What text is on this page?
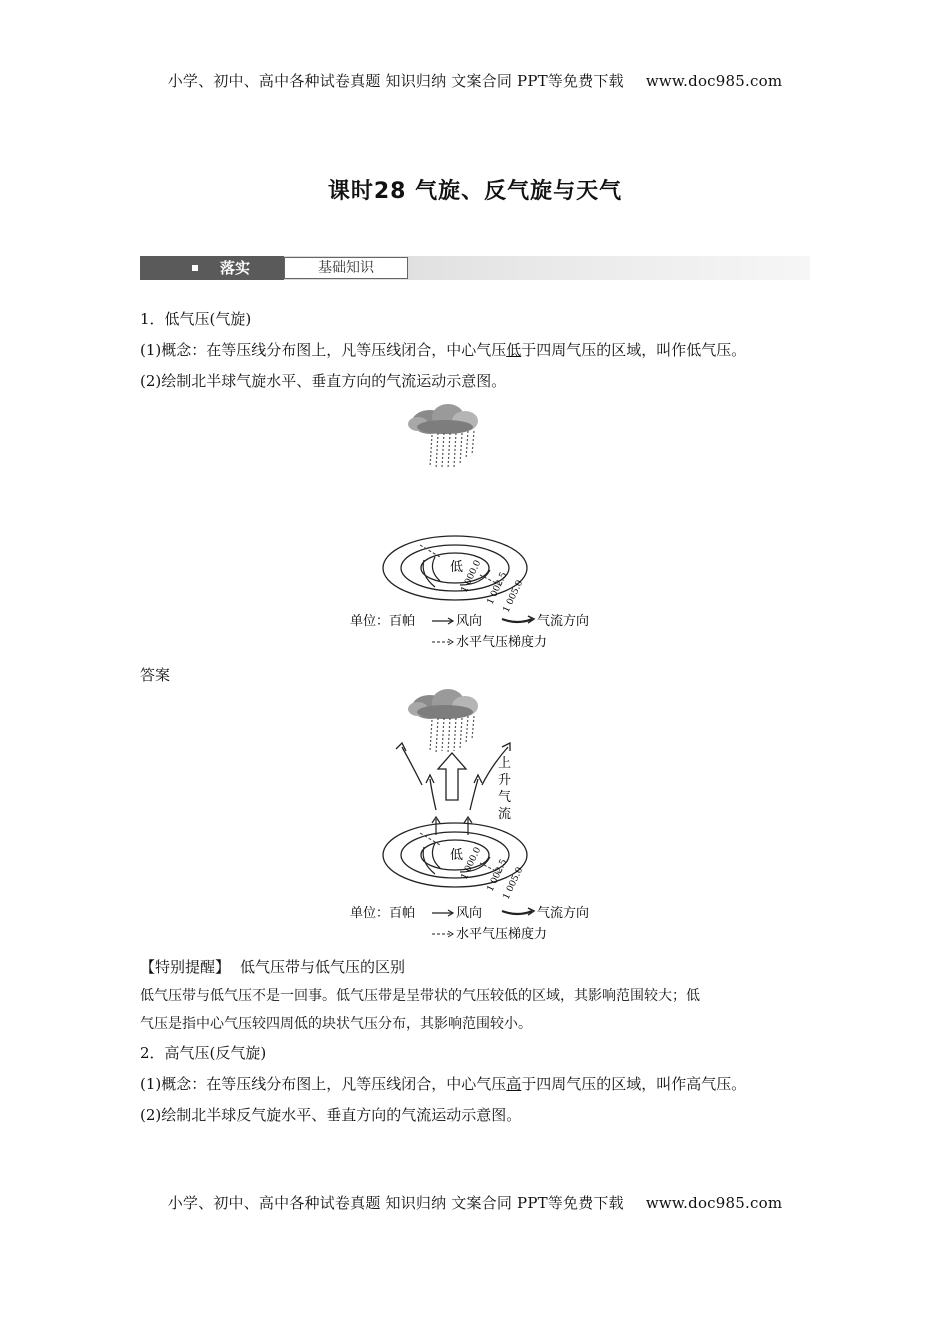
小学、初中、高中各种试卷真题 知识归纳 文案合同 PPT等免费下载 www.doc985.com
课时28 气旋、反气旋与天气
落实	基础知识
1．低气压(气旋)
(1)概念：在等压线分布图上，凡等压线闭合，中心气压低于四周气压的区域，叫作低气压。
(2)绘制北半球气旋水平、垂直方向的气流运动示意图。
低
1 000.0 1 002.5
1 005.0
单位：百帕	风向	气流方向
水平气压梯度力
答案
低
1 000.0 1 002.5
1 005.0
上
升
气
流
单位：百帕	风向	气流方向
水平气压梯度力
【特别提醒】 低气压带与低气压的区别
低气压带与低气压不是一回事。低气压带是呈带状的气压较低的区域，其影响范围较大；低
气压是指中心气压较四周低的块状气压分布，其影响范围较小。
2．高气压(反气旋)
(1)概念：在等压线分布图上，凡等压线闭合，中心气压高于四周气压的区域，叫作高气压。
(2)绘制北半球反气旋水平、垂直方向的气流运动示意图。
小学、初中、高中各种试卷真题 知识归纳 文案合同 PPT等免费下载 www.doc985.com
